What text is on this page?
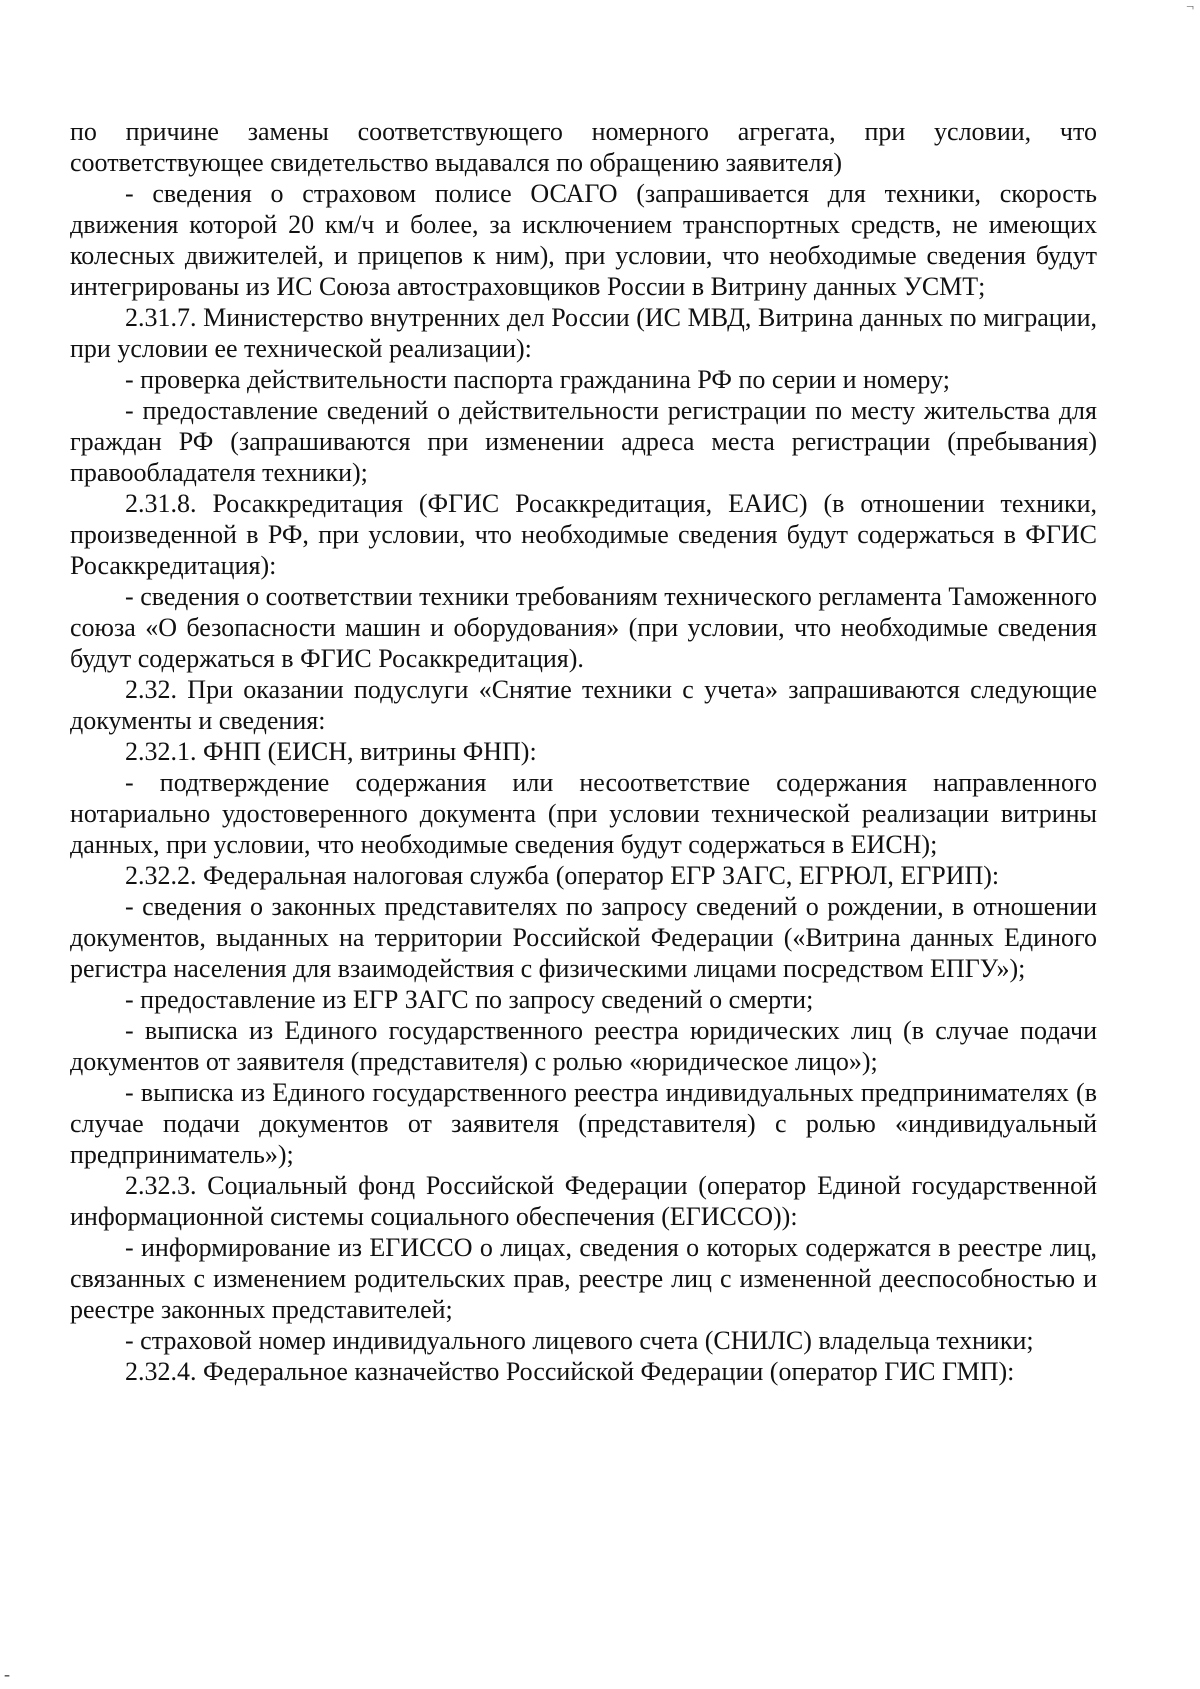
по причине замены соответствующего номерного агрегата, при условии, что соответствующее свидетельство выдавался по обращению заявителя)

- сведения о страховом полисе ОСАГО (запрашивается для техники, скорость движения которой 20 км/ч и более, за исключением транспортных средств, не имеющих колесных движителей, и прицепов к ним), при условии, что необходимые сведения будут интегрированы из ИС Союза автостраховщиков России в Витрину данных УСМТ;

2.31.7. Министерство внутренних дел России (ИС МВД, Витрина данных по миграции, при условии ее технической реализации):

- проверка действительности паспорта гражданина РФ по серии и номеру;

- предоставление сведений о действительности регистрации по месту жительства для граждан РФ (запрашиваются при изменении адреса места регистрации (пребывания) правообладателя техники);

2.31.8. Росаккредитация (ФГИС Росаккредитация, ЕАИС) (в отношении техники, произведенной в РФ, при условии, что необходимые сведения будут содержаться в ФГИС Росаккредитация):

- сведения о соответствии техники требованиям технического регламента Таможенного союза «О безопасности машин и оборудования» (при условии, что необходимые сведения будут содержаться в ФГИС Росаккредитация).

2.32. При оказании подуслуги «Снятие техники с учета» запрашиваются следующие документы и сведения:

2.32.1. ФНП (ЕИСН, витрины ФНП):

- подтверждение содержания или несоответствие содержания направленного нотариально удостоверенного документа (при условии технической реализации витрины данных, при условии, что необходимые сведения будут содержаться в ЕИСН);

2.32.2. Федеральная налоговая служба (оператор ЕГР ЗАГС, ЕГРЮЛ, ЕГРИП):

- сведения о законных представителях по запросу сведений о рождении, в отношении документов, выданных на территории Российской Федерации («Витрина данных Единого регистра населения для взаимодействия с физическими лицами посредством ЕПГУ»);

- предоставление из ЕГР ЗАГС по запросу сведений о смерти;

- выписка из Единого государственного реестра юридических лиц (в случае подачи документов от заявителя (представителя) с ролью «юридическое лицо»);

- выписка из Единого государственного реестра индивидуальных предпринимателях (в случае подачи документов от заявителя (представителя) с ролью «индивидуальный предприниматель»);

2.32.3. Социальный фонд Российской Федерации (оператор Единой государственной информационной системы социального обеспечения (ЕГИССО)):

- информирование из ЕГИССО о лицах, сведения о которых содержатся в реестре лиц, связанных с изменением родительских прав, реестре лиц с измененной дееспособностью и реестре законных представителей;

- страховой номер индивидуального лицевого счета (СНИЛС) владельца техники;

2.32.4. Федеральное казначейство Российской Федерации (оператор ГИС ГМП):

-
¬
